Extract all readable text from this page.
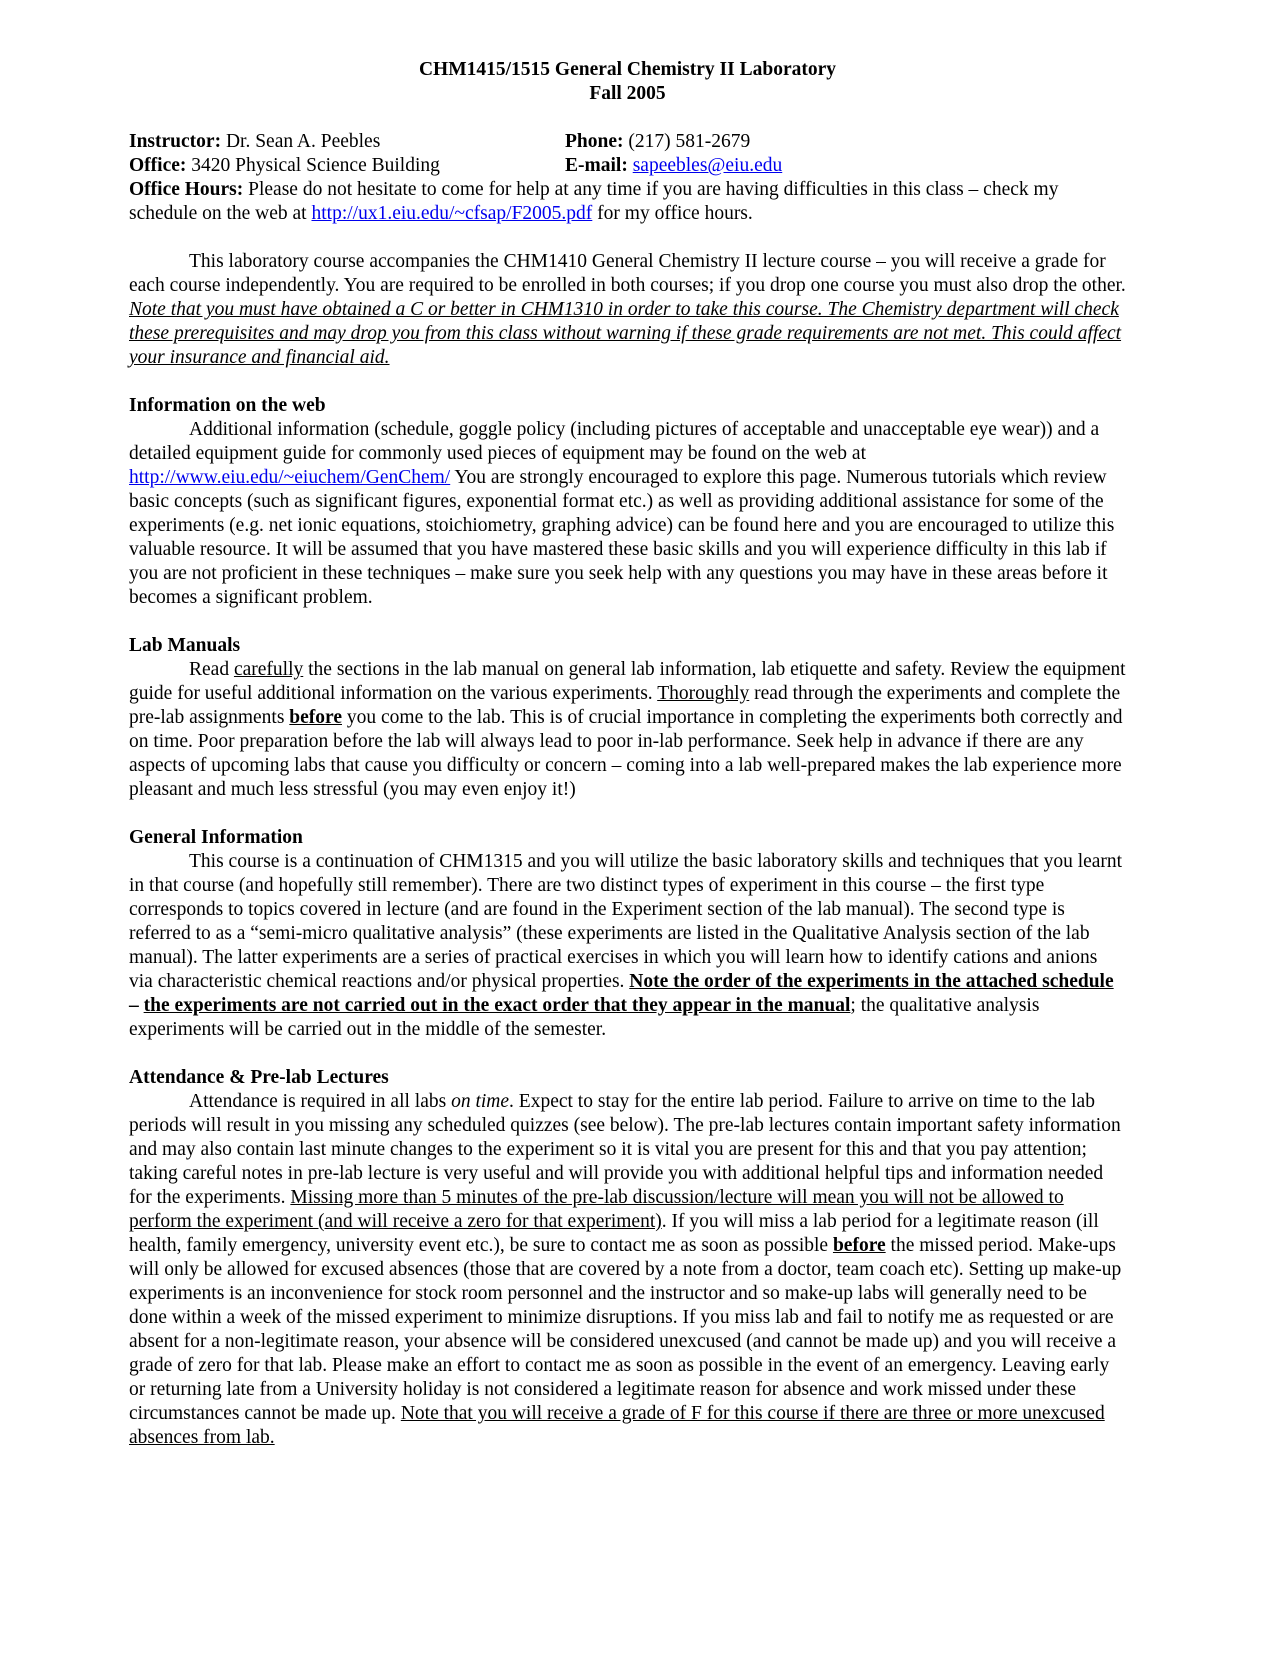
CHM1415/1515 General Chemistry II Laboratory

Fall 2005

Instructor: Dr. Sean A. Peebles	Phone: (217) 581-2679
Office: 3420 Physical Science Building	E-mail: sapeebles@eiu.edu
Office Hours: Please do not hesitate to come for help at any time if you are having difficulties in this class – check my schedule on the web at http://ux1.eiu.edu/~cfsap/F2005.pdf for my office hours.

This laboratory course accompanies the CHM1410 General Chemistry II lecture course – you will receive a grade for each course independently. You are required to be enrolled in both courses; if you drop one course you must also drop the other. Note that you must have obtained a C or better in CHM1310 in order to take this course. The Chemistry department will check these prerequisites and may drop you from this class without warning if these grade requirements are not met. This could affect your insurance and financial aid.

Information on the web

Additional information (schedule, goggle policy (including pictures of acceptable and unacceptable eye wear)) and a detailed equipment guide for commonly used pieces of equipment may be found on the web at http://www.eiu.edu/~eiuchem/GenChem/ You are strongly encouraged to explore this page. Numerous tutorials which review basic concepts (such as significant figures, exponential format etc.) as well as providing additional assistance for some of the experiments (e.g. net ionic equations, stoichiometry, graphing advice) can be found here and you are encouraged to utilize this valuable resource. It will be assumed that you have mastered these basic skills and you will experience difficulty in this lab if you are not proficient in these techniques – make sure you seek help with any questions you may have in these areas before it becomes a significant problem.

Lab Manuals

Read carefully the sections in the lab manual on general lab information, lab etiquette and safety. Review the equipment guide for useful additional information on the various experiments. Thoroughly read through the experiments and complete the pre-lab assignments before you come to the lab. This is of crucial importance in completing the experiments both correctly and on time. Poor preparation before the lab will always lead to poor in-lab performance. Seek help in advance if there are any aspects of upcoming labs that cause you difficulty or concern – coming into a lab well-prepared makes the lab experience more pleasant and much less stressful (you may even enjoy it!)

General Information

This course is a continuation of CHM1315 and you will utilize the basic laboratory skills and techniques that you learnt in that course (and hopefully still remember). There are two distinct types of experiment in this course – the first type corresponds to topics covered in lecture (and are found in the Experiment section of the lab manual). The second type is referred to as a “semi-micro qualitative analysis” (these experiments are listed in the Qualitative Analysis section of the lab manual). The latter experiments are a series of practical exercises in which you will learn how to identify cations and anions via characteristic chemical reactions and/or physical properties. Note the order of the experiments in the attached schedule – the experiments are not carried out in the exact order that they appear in the manual; the qualitative analysis experiments will be carried out in the middle of the semester.

Attendance & Pre-lab Lectures

Attendance is required in all labs on time. Expect to stay for the entire lab period. Failure to arrive on time to the lab periods will result in you missing any scheduled quizzes (see below). The pre-lab lectures contain important safety information and may also contain last minute changes to the experiment so it is vital you are present for this and that you pay attention; taking careful notes in pre-lab lecture is very useful and will provide you with additional helpful tips and information needed for the experiments. Missing more than 5 minutes of the pre-lab discussion/lecture will mean you will not be allowed to perform the experiment (and will receive a zero for that experiment). If you will miss a lab period for a legitimate reason (ill health, family emergency, university event etc.), be sure to contact me as soon as possible before the missed period. Make-ups will only be allowed for excused absences (those that are covered by a note from a doctor, team coach etc). Setting up make-up experiments is an inconvenience for stock room personnel and the instructor and so make-up labs will generally need to be done within a week of the missed experiment to minimize disruptions. If you miss lab and fail to notify me as requested or are absent for a non-legitimate reason, your absence will be considered unexcused (and cannot be made up) and you will receive a grade of zero for that lab. Please make an effort to contact me as soon as possible in the event of an emergency. Leaving early or returning late from a University holiday is not considered a legitimate reason for absence and work missed under these circumstances cannot be made up. Note that you will receive a grade of F for this course if there are three or more unexcused absences from lab.
